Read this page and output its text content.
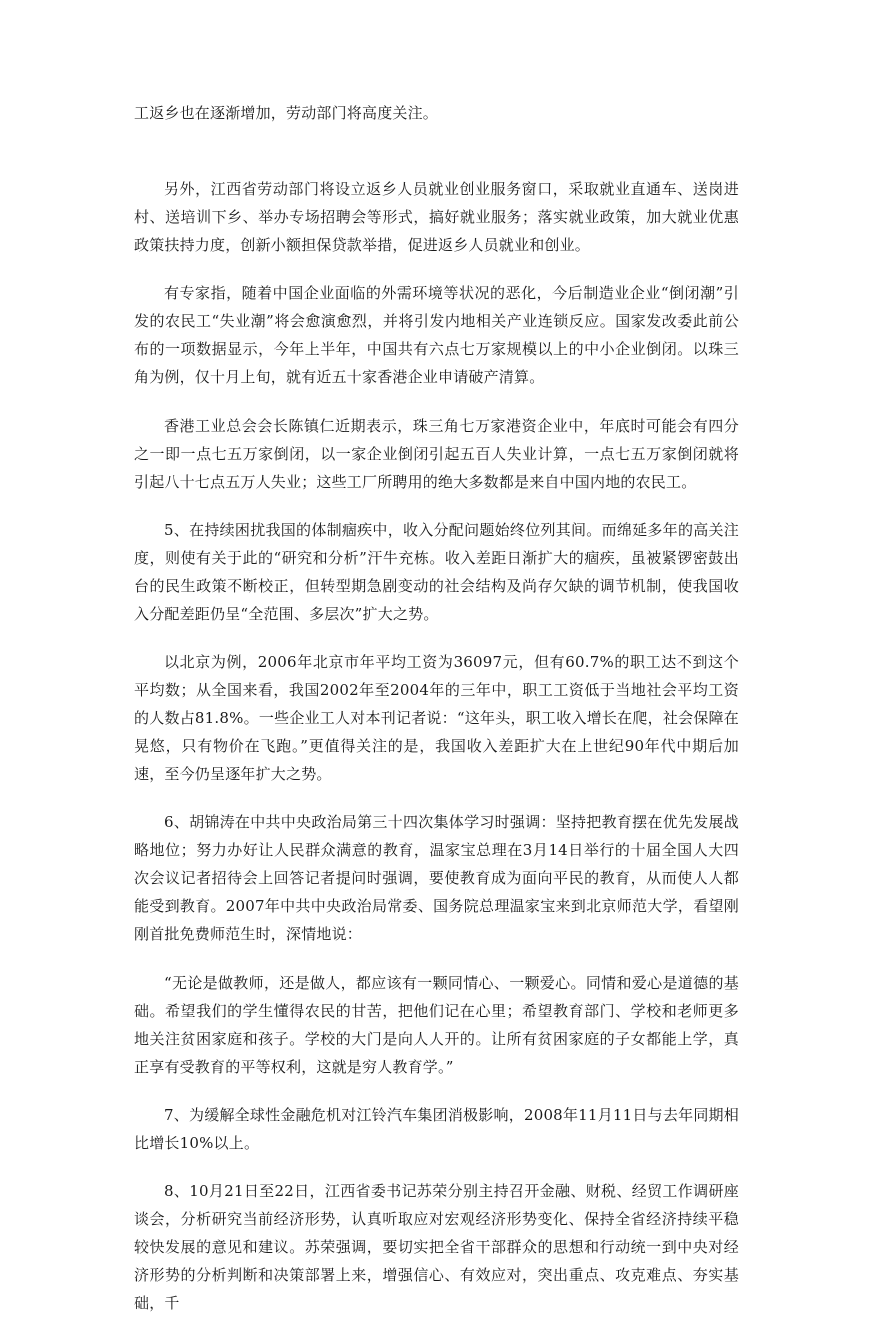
工返乡也在逐渐增加，劳动部门将高度关注。

另外，江西省劳动部门将设立返乡人员就业创业服务窗口，采取就业直通车、送岗进村、送培训下乡、举办专场招聘会等形式，搞好就业服务；落实就业政策，加大就业优惠政策扶持力度，创新小额担保贷款举措，促进返乡人员就业和创业。

有专家指，随着中国企业面临的外需环境等状况的恶化，今后制造业企业“倒闭潮”引发的农民工“失业潮”将会愈演愈烈，并将引发内地相关产业连锁反应。国家发改委此前公布的一项数据显示，今年上半年，中国共有六点七万家规模以上的中小企业倒闭。以珠三角为例，仅十月上旬，就有近五十家香港企业申请破产清算。

香港工业总会会长陈镇仁近期表示，珠三角七万家港资企业中，年底时可能会有四分之一即一点七五万家倒闭，以一家企业倒闭引起五百人失业计算，一点七五万家倒闭就将引起八十七点五万人失业；这些工厂所聘用的绝大多数都是来自中国内地的农民工。

5、在持续困扰我国的体制痼疾中，收入分配问题始终位列其间。而绵延多年的高关注度，则使有关于此的“研究和分析”汗牛充栋。收入差距日渐扩大的痼疾，虽被紧锣密鼓出台的民生政策不断校正，但转型期急剧变动的社会结构及尚存欠缺的调节机制，使我国收入分配差距仍呈“全范围、多层次”扩大之势。

以北京为例，2006年北京市年平均工资为36097元，但有60.7%的职工达不到这个平均数；从全国来看，我国2002年至2004年的三年中，职工工资低于当地社会平均工资的人数占81.8%。一些企业工人对本刊记者说：“这年头，职工收入增长在爬，社会保障在晃悠，只有物价在飞跑。”更值得关注的是，我国收入差距扩大在上世纪90年代中期后加速，至今仍呈逐年扩大之势。

6、胡锦涛在中共中央政治局第三十四次集体学习时强调：坚持把教育摆在优先发展战略地位；努力办好让人民群众满意的教育，温家宝总理在3月14日举行的十届全国人大四次会议记者招待会上回答记者提问时强调，要使教育成为面向平民的教育，从而使人人都能受到教育。2007年中共中央政治局常委、国务院总理温家宝来到北京师范大学，看望刚刚首批免费师范生时，深情地说：

“无论是做教师，还是做人，都应该有一颗同情心、一颗爱心。同情和爱心是道德的基础。希望我们的学生懂得农民的甘苦，把他们记在心里；希望教育部门、学校和老师更多地关注贫困家庭和孩子。学校的大门是向人人开的。让所有贫困家庭的子女都能上学，真正享有受教育的平等权利，这就是穷人教育学。”

7、为缓解全球性金融危机对江铃汽车集团消极影响，2008年11月11日与去年同期相比增长10%以上。

8、10月21日至22日，江西省委书记苏荣分别主持召开金融、财税、经贸工作调研座谈会，分析研究当前经济形势，认真听取应对宏观经济形势变化、保持全省经济持续平稳较快发展的意见和建议。苏荣强调，要切实把全省干部群众的思想和行动统一到中央对经济形势的分析判断和决策部署上来，增强信心、有效应对，突出重点、攻克难点、夯实基础，千
